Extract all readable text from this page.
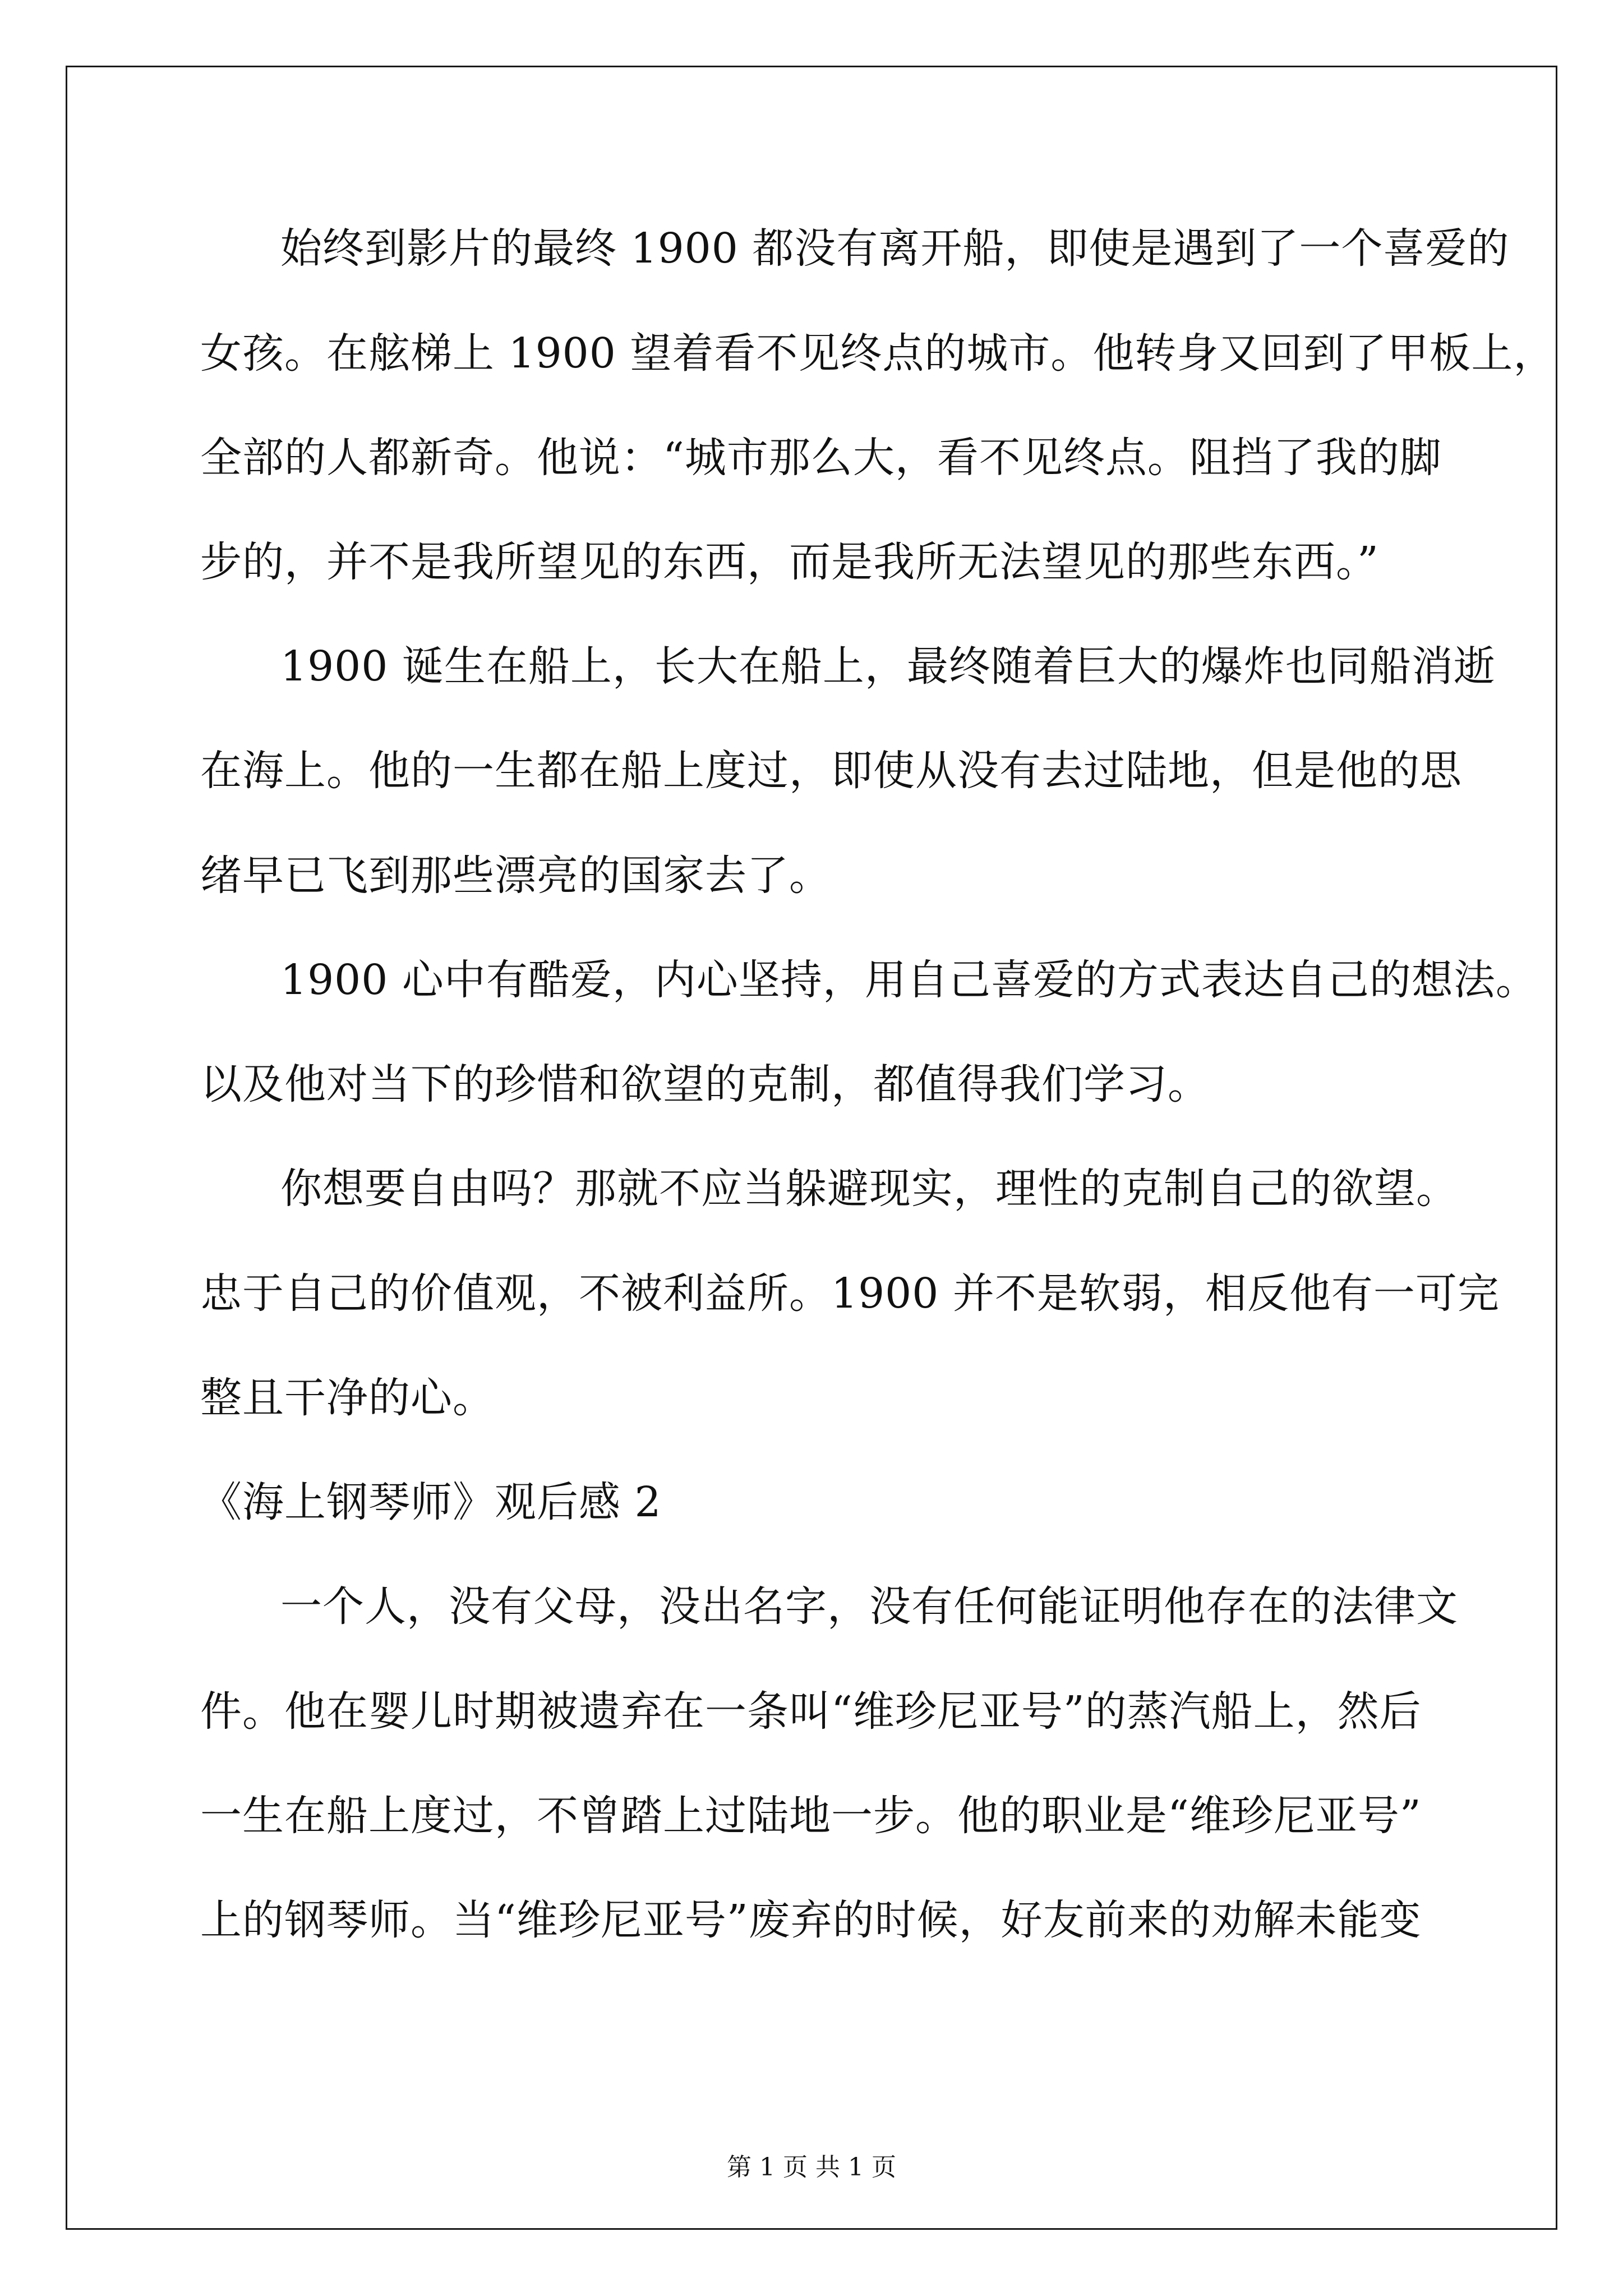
始终到影片的最终 1900 都没有离开船，即使是遇到了一个喜爱的
女孩。在舷梯上 1900 望着看不见终点的城市。他转身又回到了甲板上，
全部的人都新奇。他说：“城市那么大，看不见终点。阻挡了我的脚
步的，并不是我所望见的东西，而是我所无法望见的那些东西。”
1900 诞生在船上，长大在船上，最终随着巨大的爆炸也同船消逝
在海上。他的一生都在船上度过，即使从没有去过陆地，但是他的思
绪早已飞到那些漂亮的国家去了。
1900 心中有酷爱，内心坚持，用自己喜爱的方式表达自己的想法。
以及他对当下的珍惜和欲望的克制，都值得我们学习。
你想要自由吗？那就不应当躲避现实，理性的克制自己的欲望。
忠于自己的价值观，不被利益所。1900 并不是软弱，相反他有一可完
整且干净的心。
《海上钢琴师》观后感 2
一个人，没有父母，没出名字，没有任何能证明他存在的法律文
件。他在婴儿时期被遗弃在一条叫“维珍尼亚号”的蒸汽船上，然后
一生在船上度过，不曾踏上过陆地一步。他的职业是“维珍尼亚号”
上的钢琴师。当“维珍尼亚号”废弃的时候，好友前来的劝解未能变
第 1 页 共 1 页
